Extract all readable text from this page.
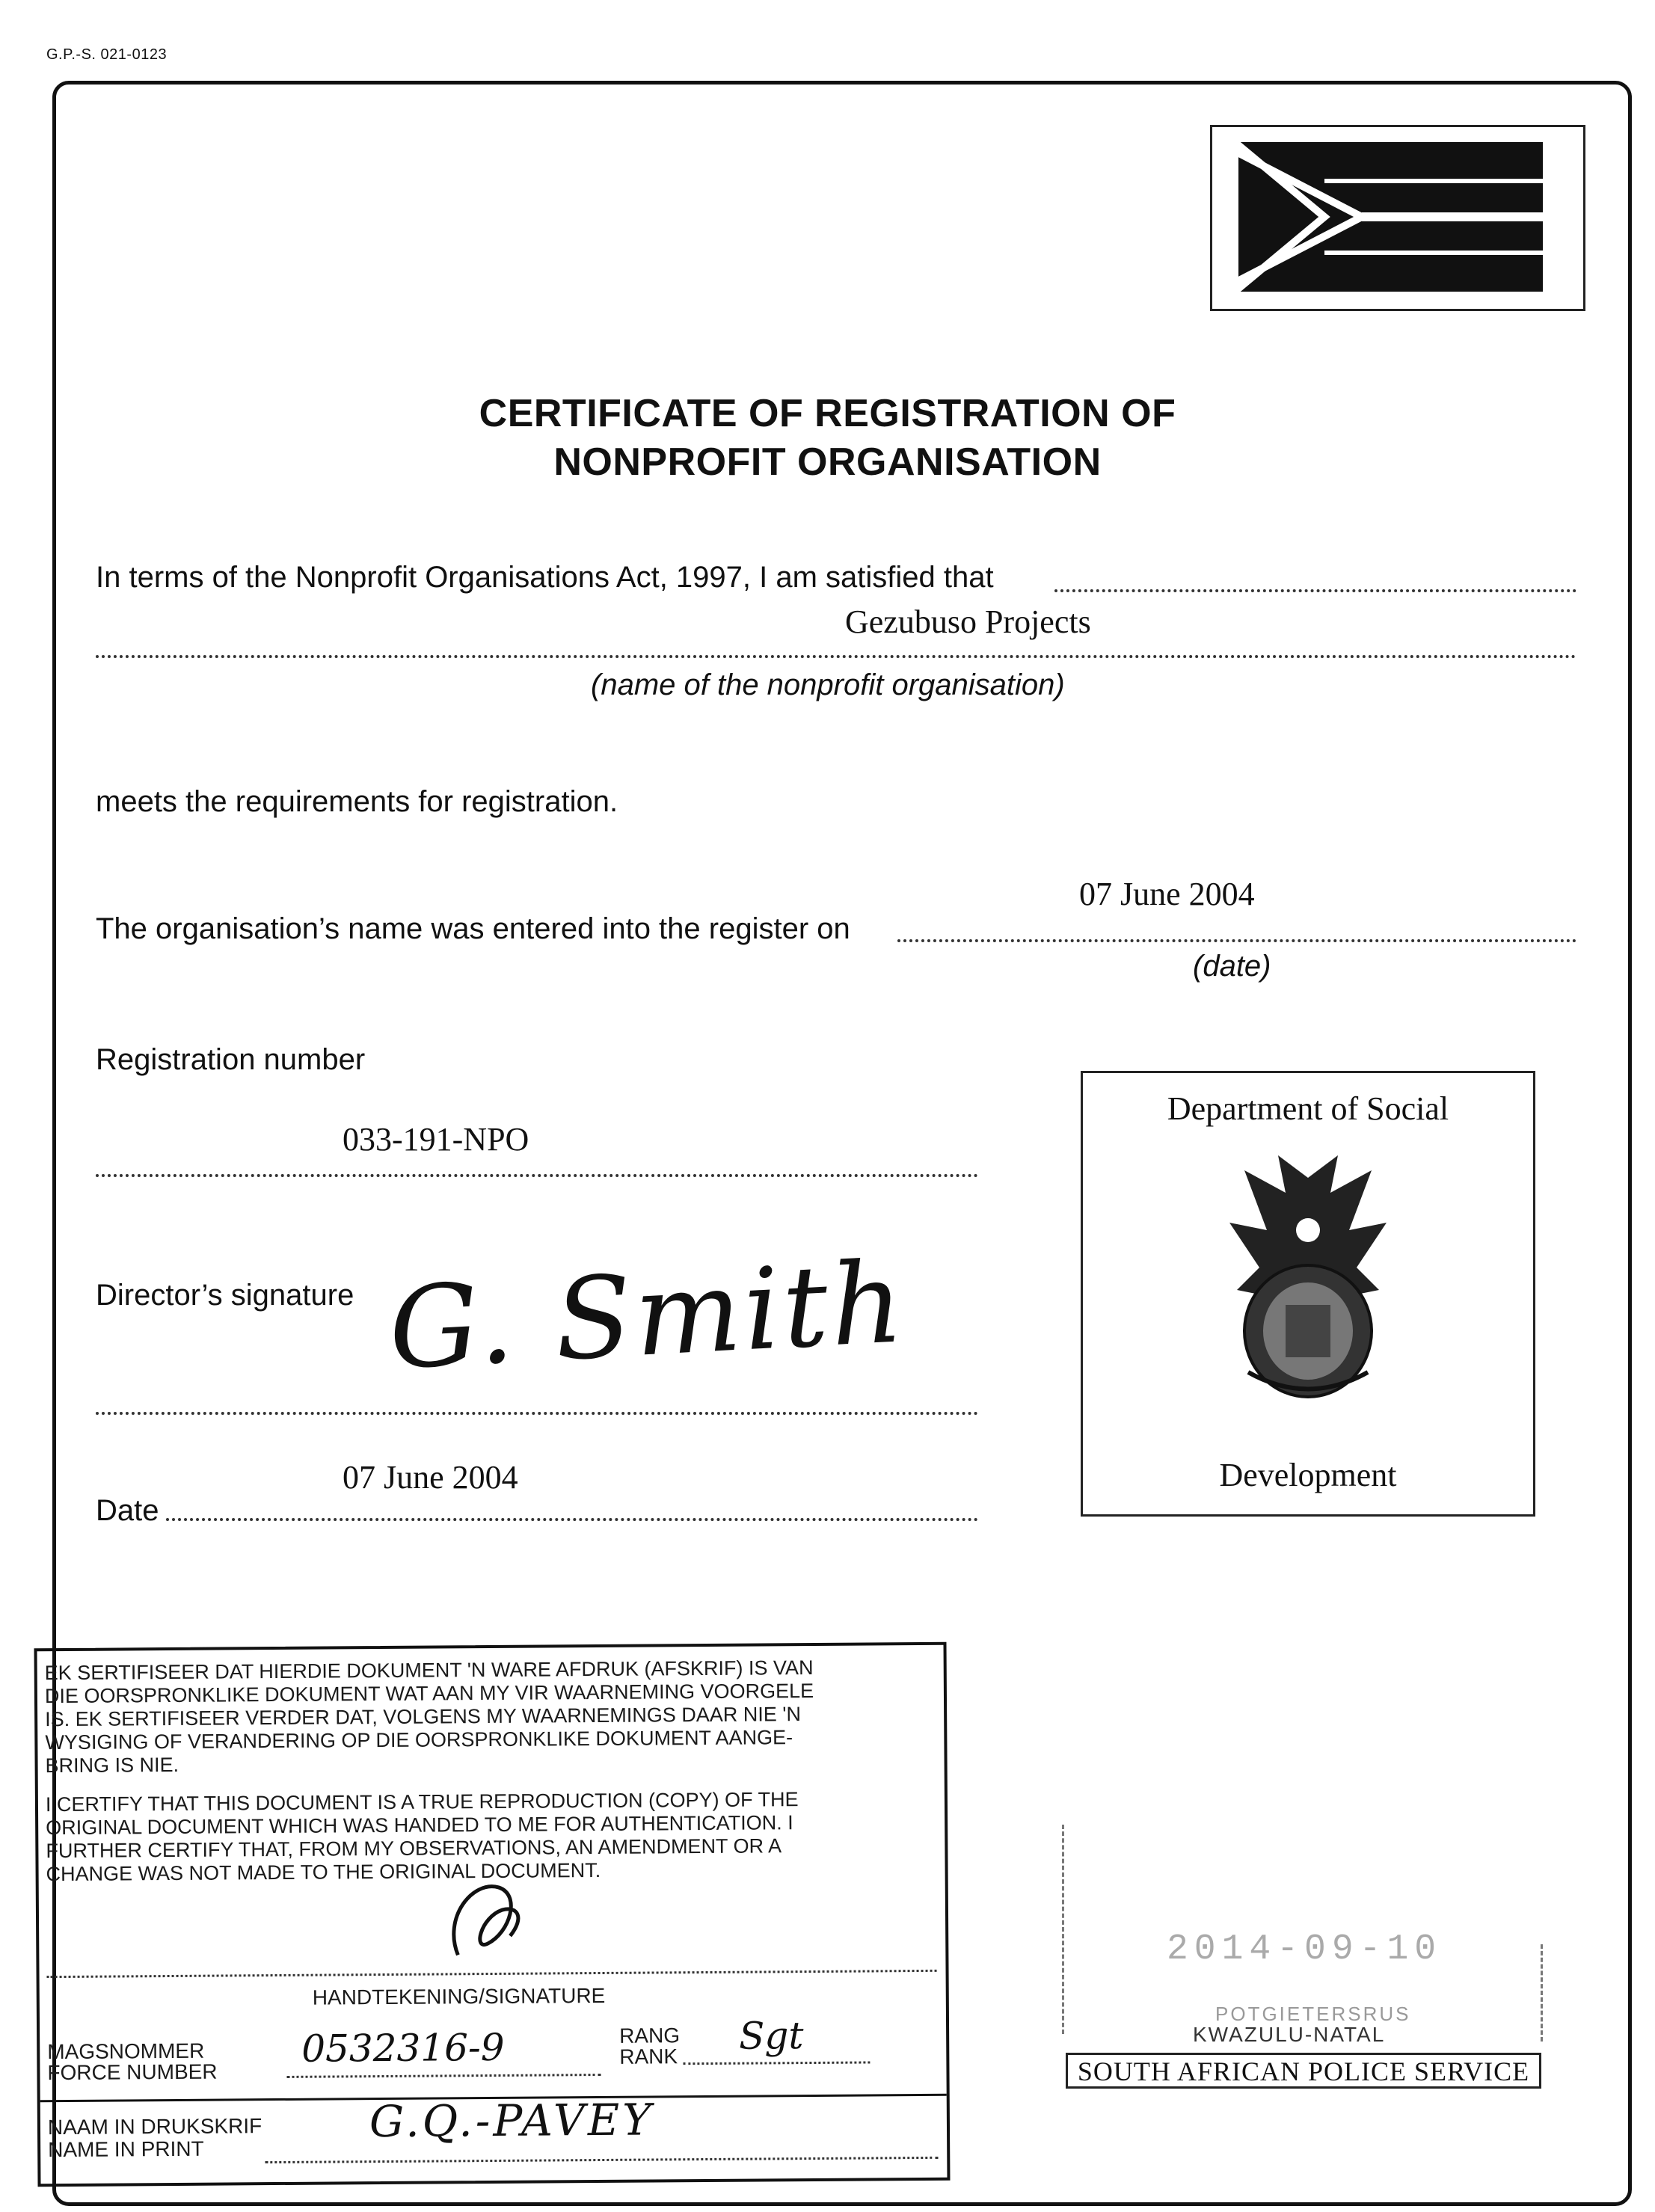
G.P.-S. 021-0123
CERTIFICATE OF REGISTRATION OF
NONPROFIT ORGANISATION
In terms of the Nonprofit Organisations Act, 1997, I am satisfied that
Gezubuso Projects
(name of the nonprofit organisation)
meets the requirements for registration.
07 June 2004
The organisation’s name was entered into the register on
(date)
Registration number
033-191-NPO
Director’s signature G. Smith
07 June 2004
Date
Department of Social
Development
EK SERTIFISEER DAT HIERDIE DOKUMENT 'N WARE AFDRUK (AFSKRIF) IS VAN
DIE OORSPRONKLIKE DOKUMENT WAT AAN MY VIR WAARNEMING VOORGELE
IS. EK SERTIFISEER VERDER DAT, VOLGENS MY WAARNEMINGS DAAR NIE 'N
WYSIGING OF VERANDERING OP DIE OORSPRONKLIKE DOKUMENT AANGE-
BRING IS NIE.
I CERTIFY THAT THIS DOCUMENT IS A TRUE REPRODUCTION (COPY) OF THE
ORIGINAL DOCUMENT WHICH WAS HANDED TO ME FOR AUTHENTICATION. I
FURTHER CERTIFY THAT, FROM MY OBSERVATIONS, AN AMENDMENT OR A
CHANGE WAS NOT MADE TO THE ORIGINAL DOCUMENT.
HANDTEKENING/SIGNATURE
MAGSNOMMER
FORCE NUMBER
0532316-9	RANG
RANK Sgt
NAAM IN DRUKSKRIF
NAME IN PRINT
G.Q.-PAVEY
2014-09-10
POTGIETERSRUS
KWAZULU-NATAL
SOUTH AFRICAN POLICE SERVICE
